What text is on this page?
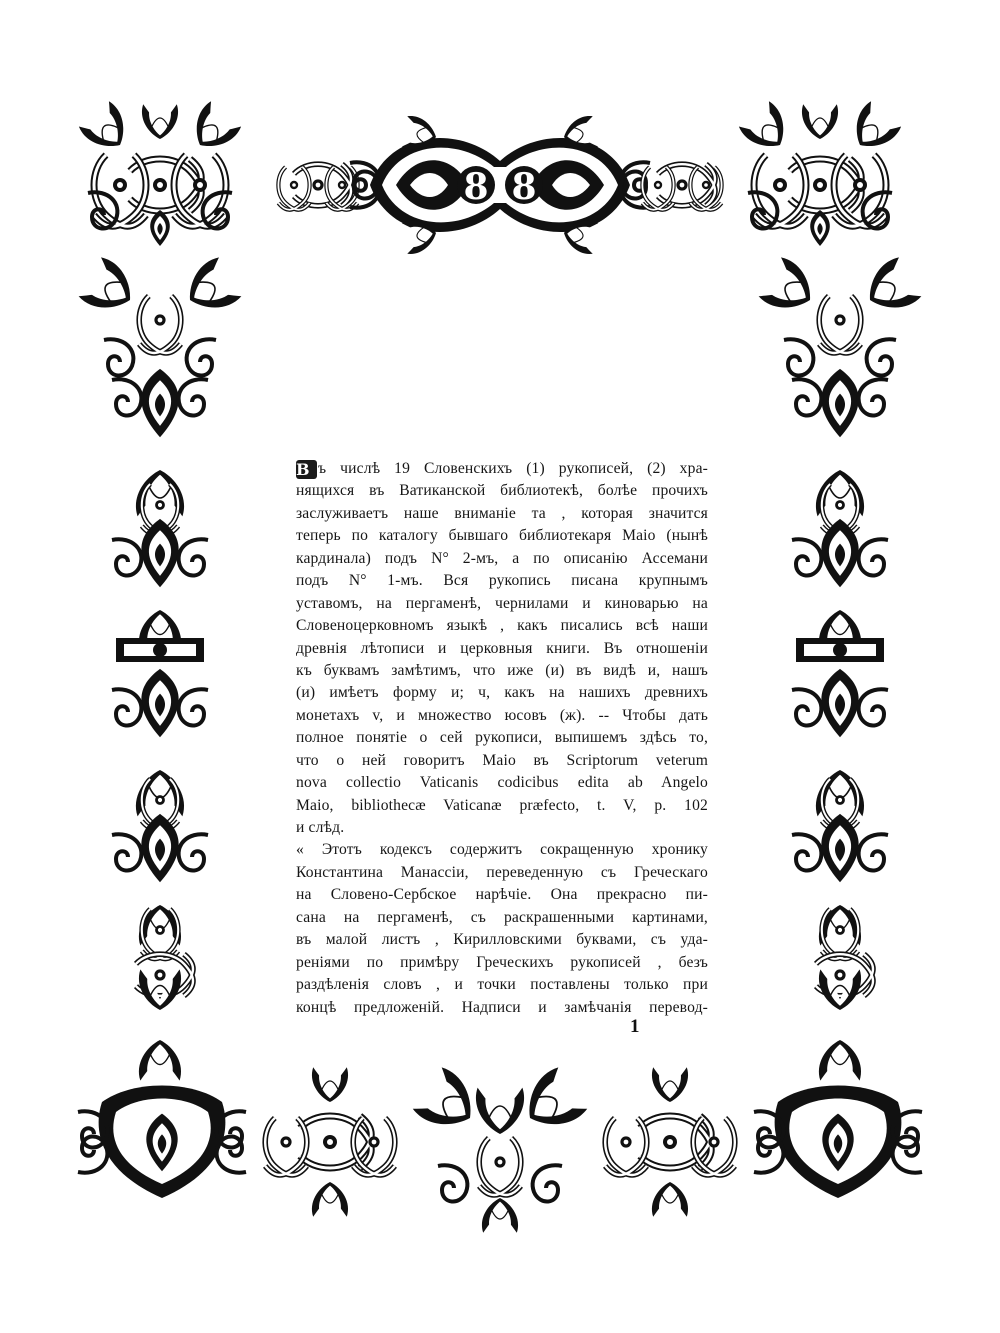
8 8
В ъ числѣ 19 Словенскихъ (1) рукописей, (2) хра-
нящихся въ Ватиканской библиотекѣ, болѣе прочихъ
заслуживаетъ наше вниманіе та , которая значится
теперь по каталогу бывшаго библиотекаря Маіо (нынѣ
кардинала) подъ N° 2-мъ, а по описанію Ассемани
подъ N° 1-мъ. Вся рукопись писана крупнымъ
уставомъ, на пергаменѣ, чернилами и киноварью на
Словеноцерковномъ языкѣ , какъ писались всѣ наши
древнія лѣтописи и церковныя книги. Въ отношеніи
къ буквамъ замѣтимъ, что иже (и) въ видѣ и, нашъ
(и) имѣетъ форму и; ч, какъ на нашихъ древнихъ
монетахъ v, и множество юсовъ (ж). -- Чтобы дать
полное понятіе о сей рукописи, выпишемъ здѣсь то,
что о ней говоритъ Маіо въ Scriptorum veterum
nova collectio Vaticanis codicibus edita ab Angelo
Maio, bibliothecæ Vaticanæ præfecto, t. V, p. 102
и слѣд.
« Этотъ кодексъ содержитъ сокращенную хронику
Константина Манассіи, переведенную съ Греческаго
на Словено-Сербское нарѣчіе. Она прекрасно пи-
сана на пергаменѣ, съ раскрашенными картинами,
въ малой листъ , Кирилловскими буквами, съ уда-
реніями по примѣру Греческихъ рукописей , безъ
раздѣленія словъ , и точки поставлены только при
концѣ предложеній. Надписи и замѣчанія перевод-
1
